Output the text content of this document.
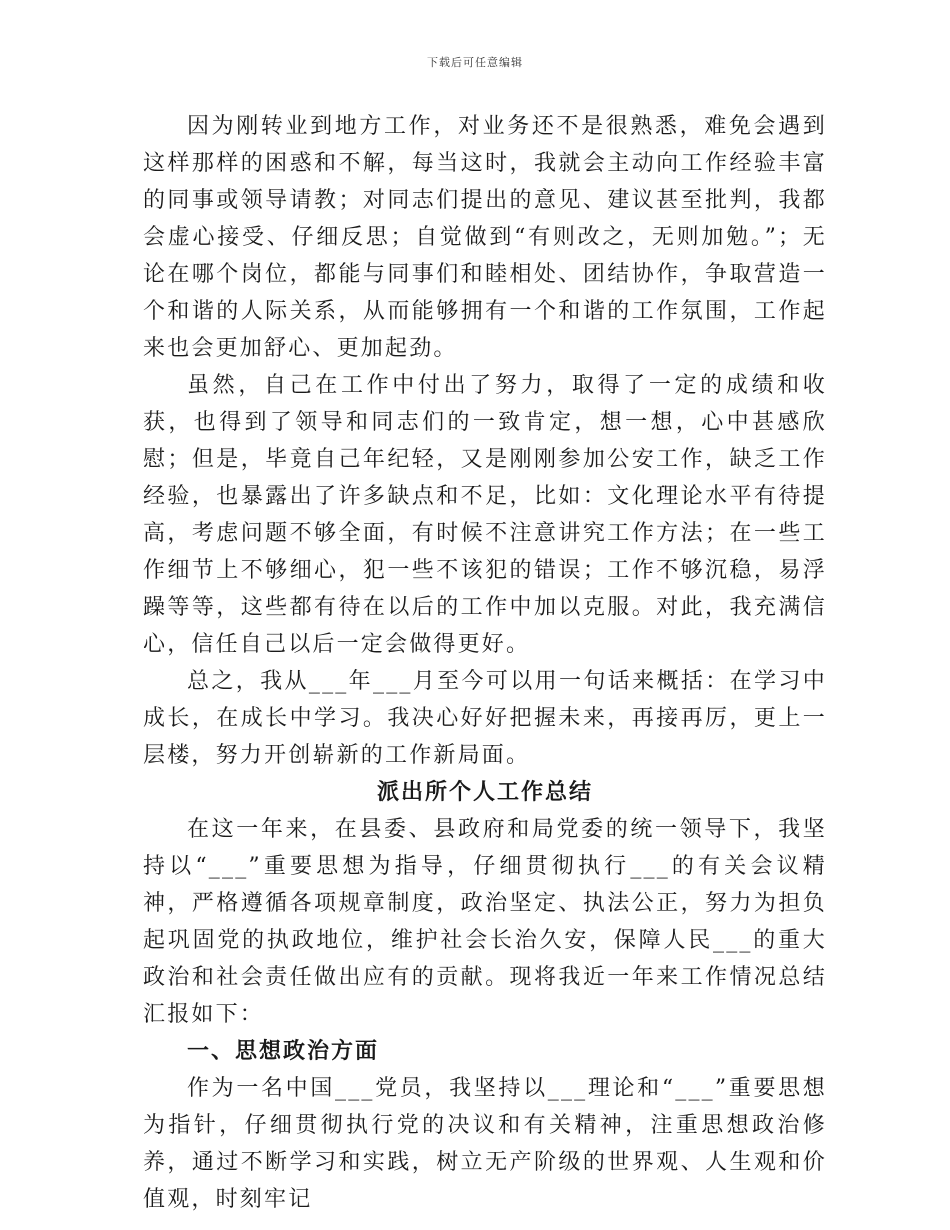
下载后可任意编辑

因为刚转业到地方工作，对业务还不是很熟悉，难免会遇到这样那样的困惑和不解，每当这时，我就会主动向工作经验丰富的同事或领导请教；对同志们提出的意见、建议甚至批判，我都会虚心接受、仔细反思；自觉做到“有则改之，无则加勉。”；无论在哪个岗位，都能与同事们和睦相处、团结协作，争取营造一个和谐的人际关系，从而能够拥有一个和谐的工作氛围，工作起来也会更加舒心、更加起劲。

虽然，自己在工作中付出了努力，取得了一定的成绩和收获，也得到了领导和同志们的一致肯定，想一想，心中甚感欣慰；但是，毕竟自己年纪轻，又是刚刚参加公安工作，缺乏工作经验，也暴露出了许多缺点和不足，比如：文化理论水平有待提高，考虑问题不够全面，有时候不注意讲究工作方法；在一些工作细节上不够细心，犯一些不该犯的错误；工作不够沉稳，易浮躁等等，这些都有待在以后的工作中加以克服。对此，我充满信心，信任自己以后一定会做得更好。

总之，我从___年___月至今可以用一句话来概括：在学习中成长，在成长中学习。我决心好好把握未来，再接再厉，更上一层楼，努力开创崭新的工作新局面。

派出所个人工作总结

在这一年来，在县委、县政府和局党委的统一领导下，我坚持以“___”重要思想为指导，仔细贯彻执行___的有关会议精神，严格遵循各项规章制度，政治坚定、执法公正，努力为担负起巩固党的执政地位，维护社会长治久安，保障人民___的重大政治和社会责任做出应有的贡献。现将我近一年来工作情况总结汇报如下：

一、思想政治方面

作为一名中国___党员，我坚持以___理论和“___”重要思想为指针，仔细贯彻执行党的决议和有关精神，注重思想政治修养，通过不断学习和实践，树立无产阶级的世界观、人生观和价值观，时刻牢记
